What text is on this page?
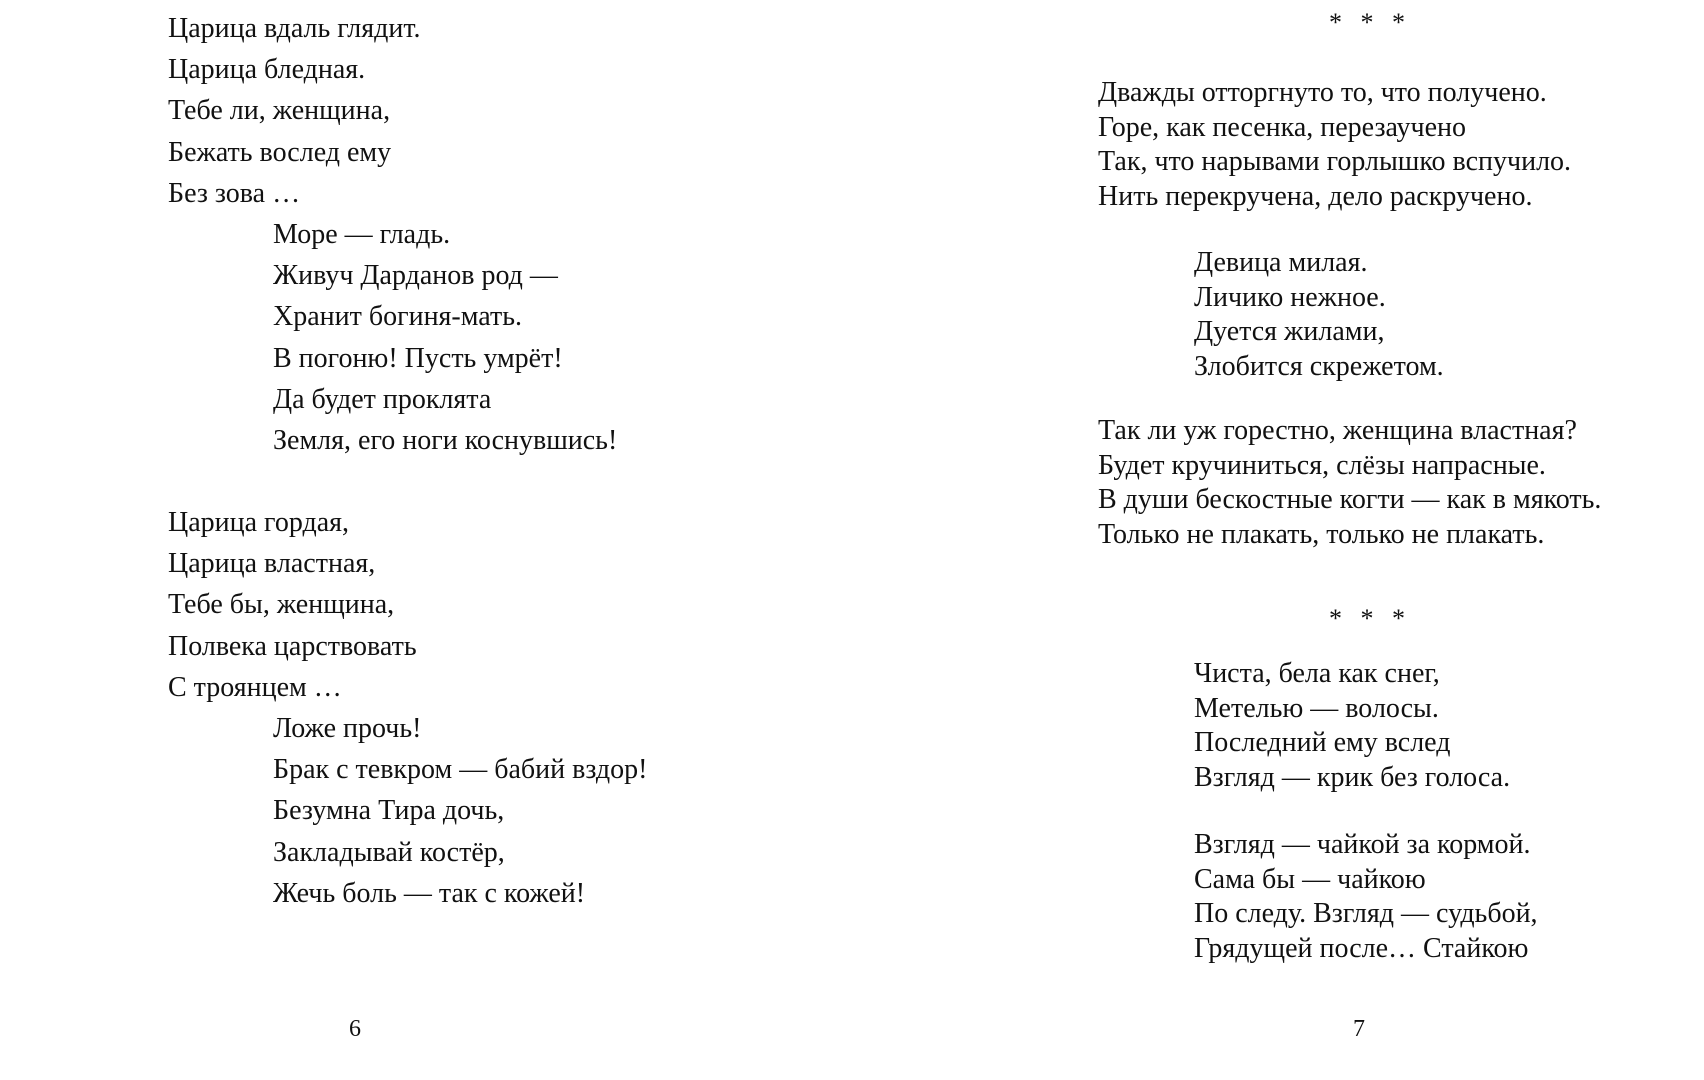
Царица вдаль глядит.
Царица бледная.
Тебе ли, женщина,
Бежать вослед ему
Без зова …
Море — гладь.
Живуч Дарданов род —
Хранит богиня-мать.
В погоню! Пусть умрёт!
Да будет проклята
Земля, его ноги коснувшись!
Царица гордая,
Царица властная,
Тебе бы, женщина,
Полвека царствовать
С троянцем …
Ложе прочь!
Брак с тевкром — бабий вздор!
Безумна Тира дочь,
Закладывай костёр,
Жечь боль — так с кожей!
6
* * *
Дважды отторгнуто то, что получено.
Горе, как песенка, перезаучено
Так, что нарывами горлышко вспучило.
Нить перекручена, дело раскручено.
Девица милая.
Личико нежное.
Дуется жилами,
Злобится скрежетом.
Так ли уж горестно, женщина властная?
Будет кручиниться, слёзы напрасные.
В души бескостные когти — как в мякоть.
Только не плакать, только не плакать.
* * *
Чиста, бела как снег,
Метелью — волосы.
Последний ему вслед
Взгляд — крик без голоса.
Взгляд — чайкой за кормой.
Сама бы — чайкою
По следу. Взгляд — судьбой,
Грядущей после… Стайкою
7
